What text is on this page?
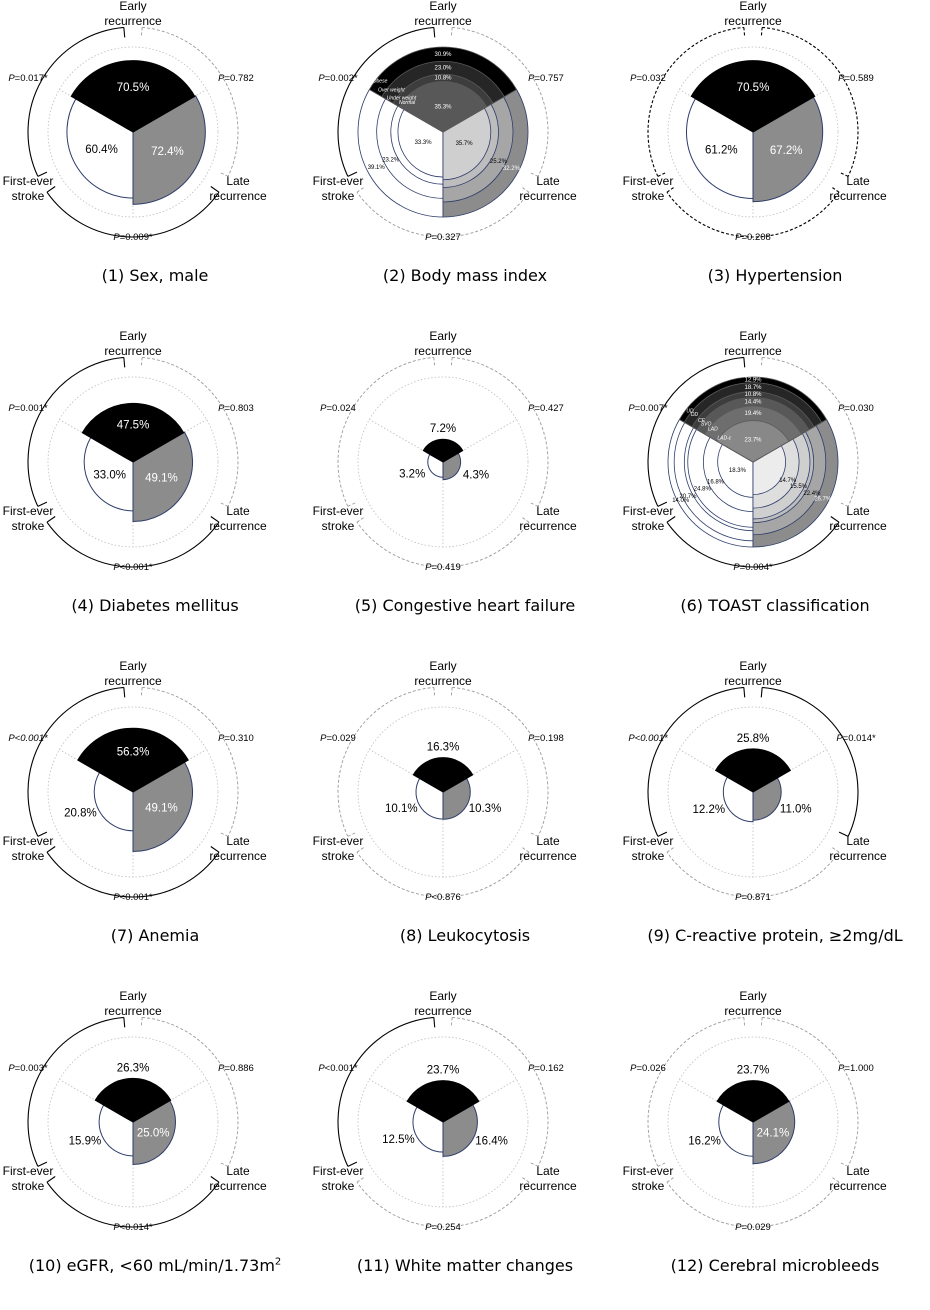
70.5%
72.4%
60.4%
P=0.017*	P=0.782
P=0.009*
Early recurrence
First-ever stroke
Late recurrence
(1) Sex, male
30.9%
23.0%
10.8%
35.3%
32.2%
25.2%
35.7%
39.1%
23.2%
33.3%
Obese
Over weight
Under weight
Normal
P=0.002*	P=0.757
P=0.327
Early recurrence
First-ever stroke
Late recurrence
(2) Body mass index
70.5%
67.2%
61.2%
P=0.032	P=0.589
P=0.208
Early recurrence
First-ever stroke
Late recurrence
(3) Hypertension
47.5%
49.1%
33.0%
P=0.001*	P=0.803
P<0.001*
Early recurrence
First-ever stroke
Late recurrence
(4) Diabetes mellitus
7.2%
4.3%
3.2%
P=0.024	P=0.427
P=0.419
Early recurrence
First-ever stroke
Late recurrence
(5) Congestive heart failure
12.9%
18.7%
10.8%
14.4%
19.4%
23.7%
26.7%
22.4%
15.5%
14.7%
14.0%
20.7%
24.8%
16.8%
18.3%
UD
OD
CE
SVO
LAD
LAD-c
P=0.007*	P=0.030
P=0.004*
Early recurrence
First-ever stroke
Late recurrence
(6) TOAST classification
56.3%
49.1%
20.8%
P<0.001*	P=0.310
P<0.001*
Early recurrence
First-ever stroke
Late recurrence
(7) Anemia
16.3%
10.3%
10.1%
P=0.029	P=0.198
P<0.876
Early recurrence
First-ever stroke
Late recurrence
(8) Leukocytosis
25.8%
11.0%
12.2%
P<0.001*	P=0.014*
P=0.871
Early recurrence
First-ever stroke
Late recurrence
(9) C-reactive protein, ≥2mg/dL
26.3%
25.0%
15.9%
P=0.003*	P=0.886
P<0.014*
Early recurrence
First-ever stroke
Late recurrence
(10) eGFR, <60 $mL/\min/1.73m^2$
23.7%
16.4%
12.5%
P<0.001*	P=0.162
P=0.254
Early recurrence
First-ever stroke
Late recurrence
(11) White matter changes
23.7%
24.1%
16.2%
P=0.026	P=1.000
P=0.029
Early recurrence
First-ever stroke
Late recurrence
(12) Cerebral microbleeds
